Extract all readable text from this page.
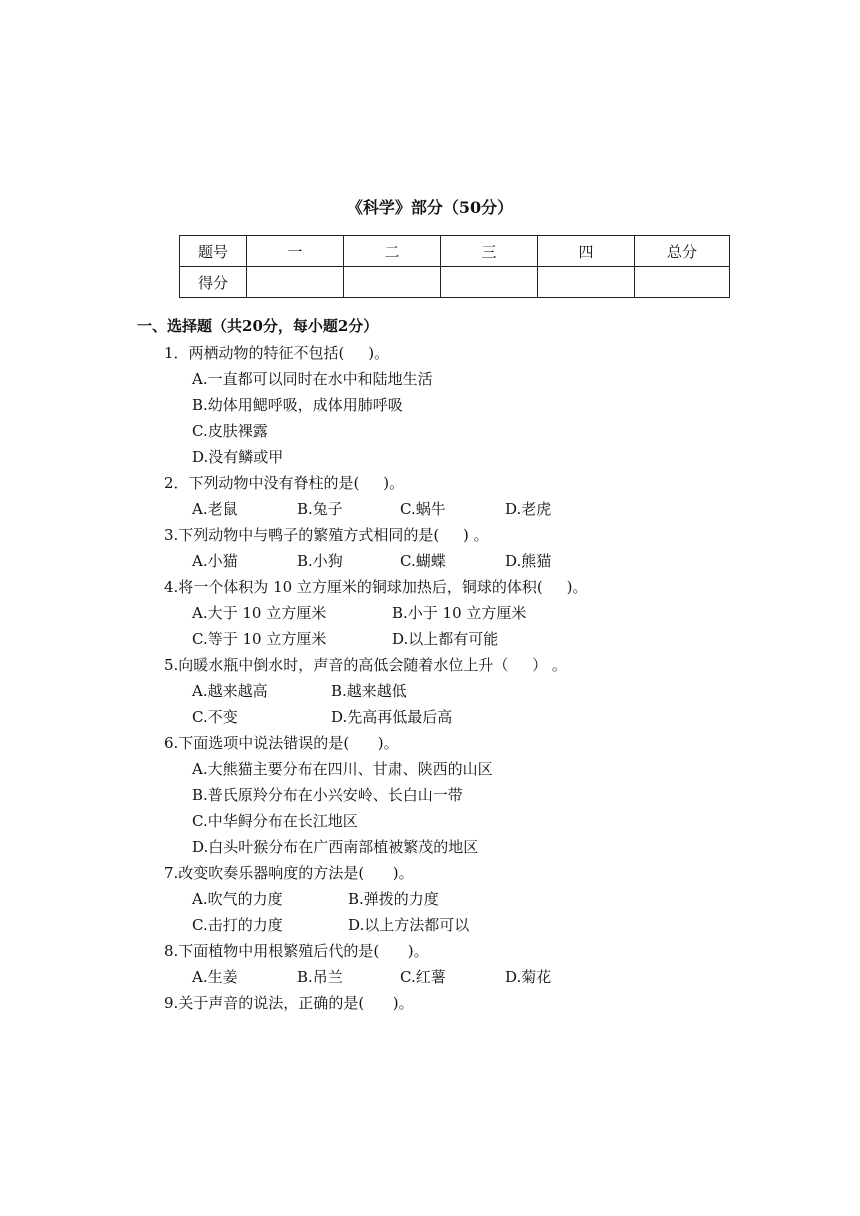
《科学》部分（50分）
题号	一	二	三	四	总分
得分					
一、选择题（共20分，每小题2分）
1．两栖动物的特征不包括(     )。
A.一直都可以同时在水中和陆地生活
B.幼体用鳃呼吸，成体用肺呼吸
C.皮肤裸露
D.没有鳞或甲
2．下列动物中没有脊柱的是(     )。
A.老鼠	B.兔子	C.蜗牛	D.老虎
3.下列动物中与鸭子的繁殖方式相同的是(     ) 。
A.小猫	B.小狗	C.蝴蝶	D.熊猫
4.将一个体积为 10 立方厘米的铜球加热后，铜球的体积(     )。
A.大于 10 立方厘米	B.小于 10 立方厘米
C.等于 10 立方厘米	D.以上都有可能
5.向暖水瓶中倒水时，声音的高低会随着水位上升（     ） 。
A.越来越高	B.越来越低
C.不变	D.先高再低最后高
6.下面选项中说法错误的是(      )。
A.大熊猫主要分布在四川、甘肃、陕西的山区
B.普氏原羚分布在小兴安岭、长白山一带
C.中华鲟分布在长江地区
D.白头叶猴分布在广西南部植被繁茂的地区
7.改变吹奏乐器响度的方法是(      )。
A.吹气的力度	B.弹拨的力度
C.击打的力度	D.以上方法都可以
8.下面植物中用根繁殖后代的是(      )。
A.生姜	B.吊兰	C.红薯	D.菊花
9.关于声音的说法，正确的是(      )。
